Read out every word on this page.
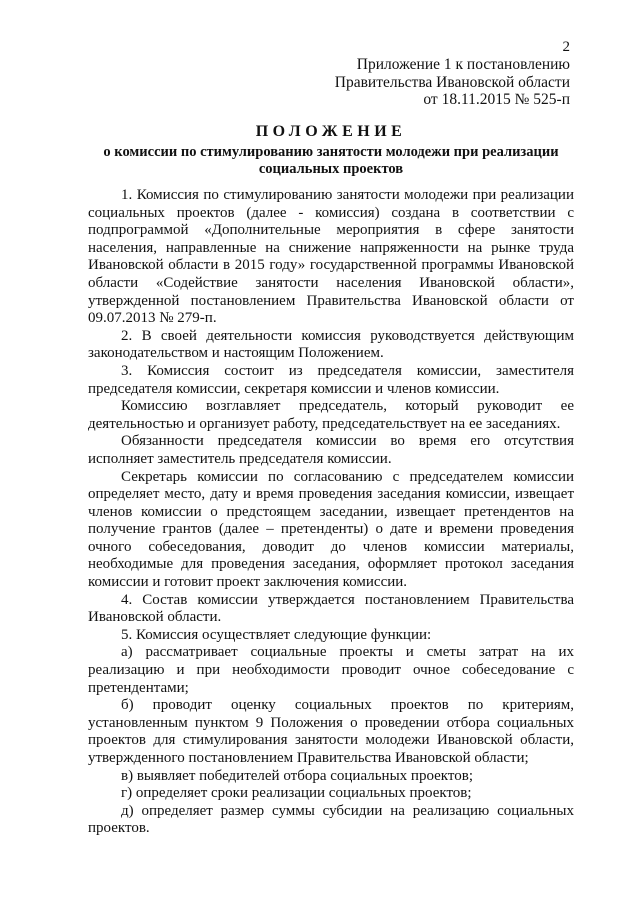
2
Приложение 1 к постановлению
Правительства Ивановской области
от 18.11.2015 № 525-п

ПОЛОЖЕНИЕ

о комиссии по стимулированию занятости молодежи при реализации социальных проектов

1. Комиссия по стимулированию занятости молодежи при реализации социальных проектов (далее - комиссия) создана в соответствии с подпрограммой «Дополнительные мероприятия в сфере занятости населения, направленные на снижение напряженности на рынке труда Ивановской области в 2015 году» государственной программы Ивановской области «Содействие занятости населения Ивановской области», утвержденной постановлением Правительства Ивановской области от 09.07.2013 № 279-п.

2. В своей деятельности комиссия руководствуется действующим законодательством и настоящим Положением.

3. Комиссия состоит из председателя комиссии, заместителя председателя комиссии, секретаря комиссии и членов комиссии.

Комиссию возглавляет председатель, который руководит ее деятельностью и организует работу, председательствует на ее заседаниях.

Обязанности председателя комиссии во время его отсутствия исполняет заместитель председателя комиссии.

Секретарь комиссии по согласованию с председателем комиссии определяет место, дату и время проведения заседания комиссии, извещает членов комиссии о предстоящем заседании, извещает претендентов на получение грантов (далее – претенденты) о дате и времени проведения очного собеседования, доводит до членов комиссии материалы, необходимые для проведения заседания, оформляет протокол заседания комиссии и готовит проект заключения комиссии.

4. Состав комиссии утверждается постановлением Правительства Ивановской области.

5. Комиссия осуществляет следующие функции:

а) рассматривает социальные проекты и сметы затрат на их реализацию и при необходимости проводит очное собеседование с претендентами;

б) проводит оценку социальных проектов по критериям, установленным пунктом 9 Положения о проведении отбора социальных проектов для стимулирования занятости молодежи Ивановской области, утвержденного постановлением Правительства Ивановской области;

в) выявляет победителей отбора социальных проектов;

г) определяет сроки реализации социальных проектов;

д) определяет размер суммы субсидии на реализацию социальных проектов.
